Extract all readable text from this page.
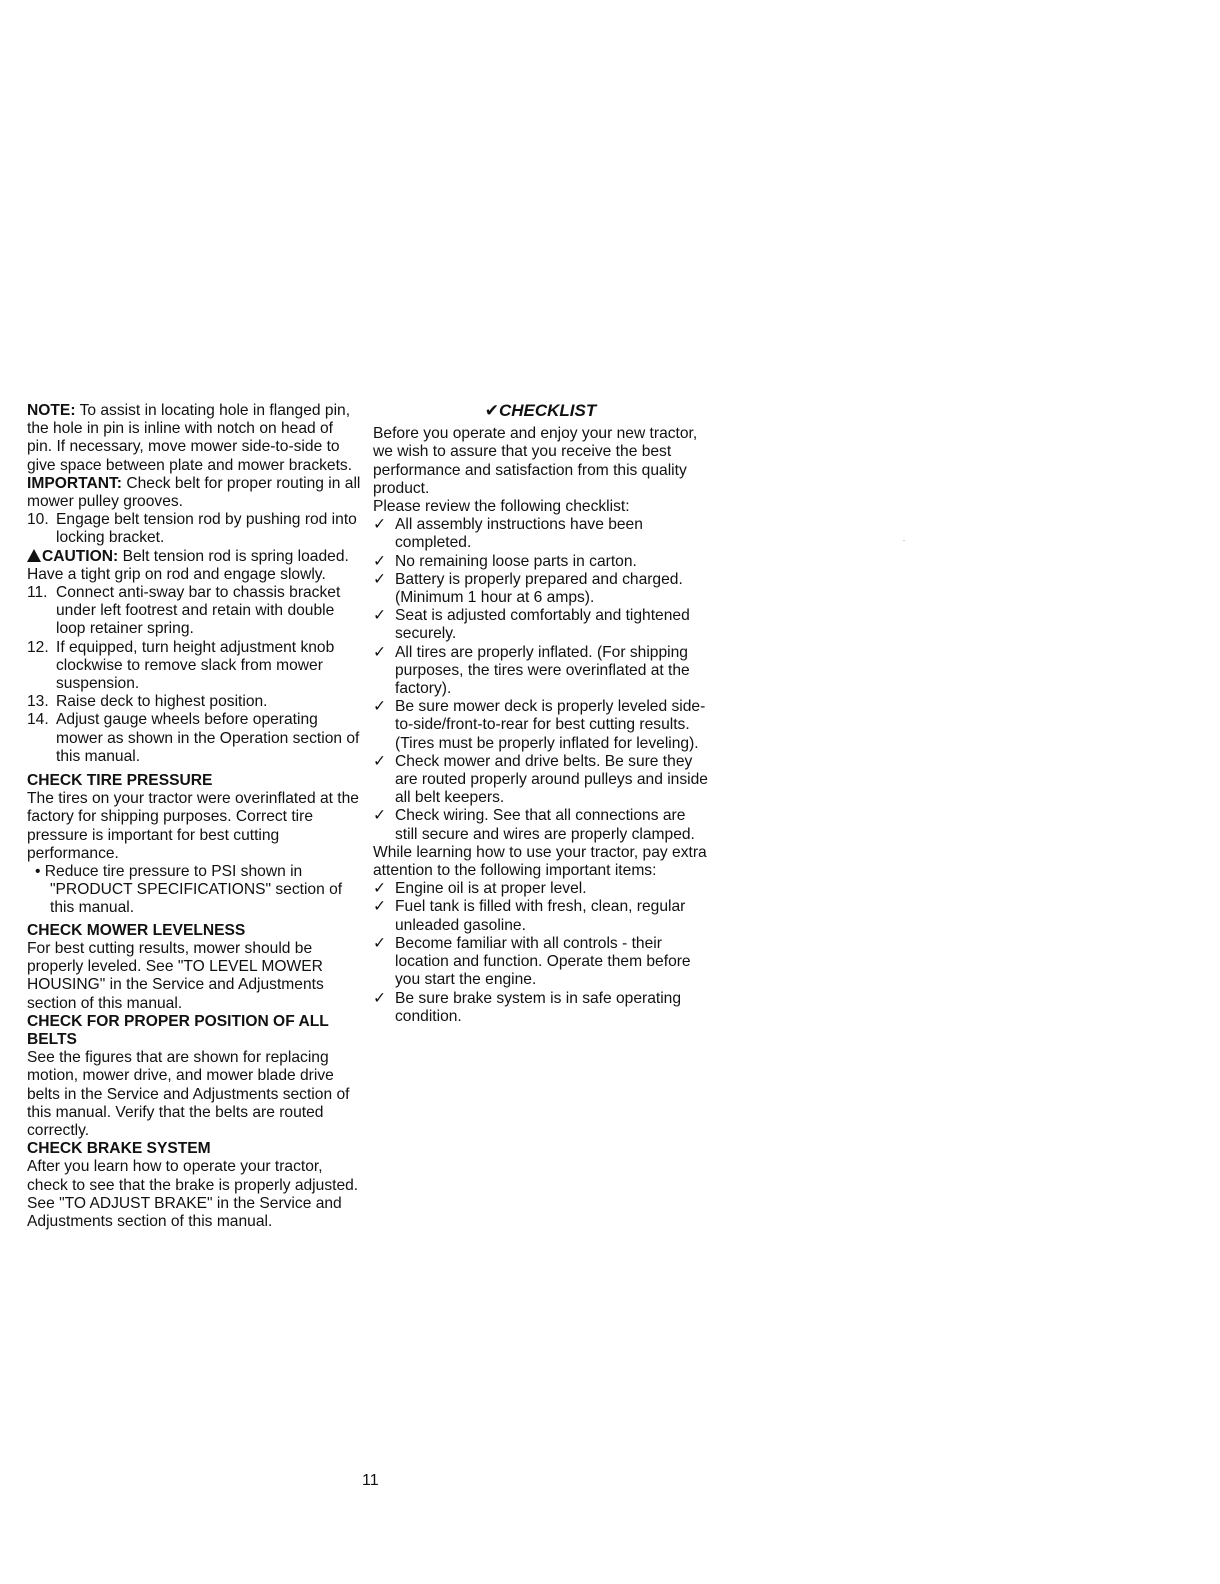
NOTE: To assist in locating hole in flanged pin, the hole in pin is inline with notch on head of pin. If necessary, move mower side-to-side to give space between plate and mower brackets.

IMPORTANT: Check belt for proper routing in all mower pulley grooves.

10. Engage belt tension rod by pushing rod into locking bracket.

CAUTION: Belt tension rod is spring loaded. Have a tight grip on rod and engage slowly.

11. Connect anti-sway bar to chassis bracket under left footrest and retain with double loop retainer spring.

12. If equipped, turn height adjustment knob clockwise to remove slack from mower suspension.

13. Raise deck to highest position.

14. Adjust gauge wheels before operating mower as shown in the Operation section of this manual.

CHECK TIRE PRESSURE

The tires on your tractor were overinflated at the factory for shipping purposes. Correct tire pressure is important for best cutting performance.

• Reduce tire pressure to PSI shown in "PRODUCT SPECIFICATIONS" section of this manual.

CHECK MOWER LEVELNESS

For best cutting results, mower should be properly leveled. See "TO LEVEL MOWER HOUSING" in the Service and Adjustments section of this manual.

CHECK FOR PROPER POSITION OF ALL BELTS

See the figures that are shown for replacing motion, mower drive, and mower blade drive belts in the Service and Adjustments section of this manual. Verify that the belts are routed correctly.

CHECK BRAKE SYSTEM

After you learn how to operate your tractor, check to see that the brake is properly adjusted. See "TO ADJUST BRAKE" in the Service and Adjustments section of this manual.

✔CHECKLIST

Before you operate and enjoy your new tractor, we wish to assure that you receive the best performance and satisfaction from this quality product.

Please review the following checklist:

✓ All assembly instructions have been completed.

✓ No remaining loose parts in carton.

✓ Battery is properly prepared and charged.(Minimum 1 hour at 6 amps).

✓ Seat is adjusted comfortably and tightened securely.

✓ All tires are properly inflated. (For shipping purposes, the tires were overinflated at the factory).

✓ Be sure mower deck is properly leveled side-to-side/front-to-rear for best cutting results. (Tires must be properly inflated for leveling).

✓ Check mower and drive belts. Be sure they are routed properly around pulleys and inside all belt keepers.

✓ Check wiring. See that all connections are still secure and wires are properly clamped.

While learning how to use your tractor, pay extra attention to the following important items:

✓ Engine oil is at proper level.

✓ Fuel tank is filled with fresh, clean, regular unleaded gasoline.

✓ Become familiar with all controls - their location and function. Operate them before you start the engine.

✓ Be sure brake system is in safe operating condition.

11
